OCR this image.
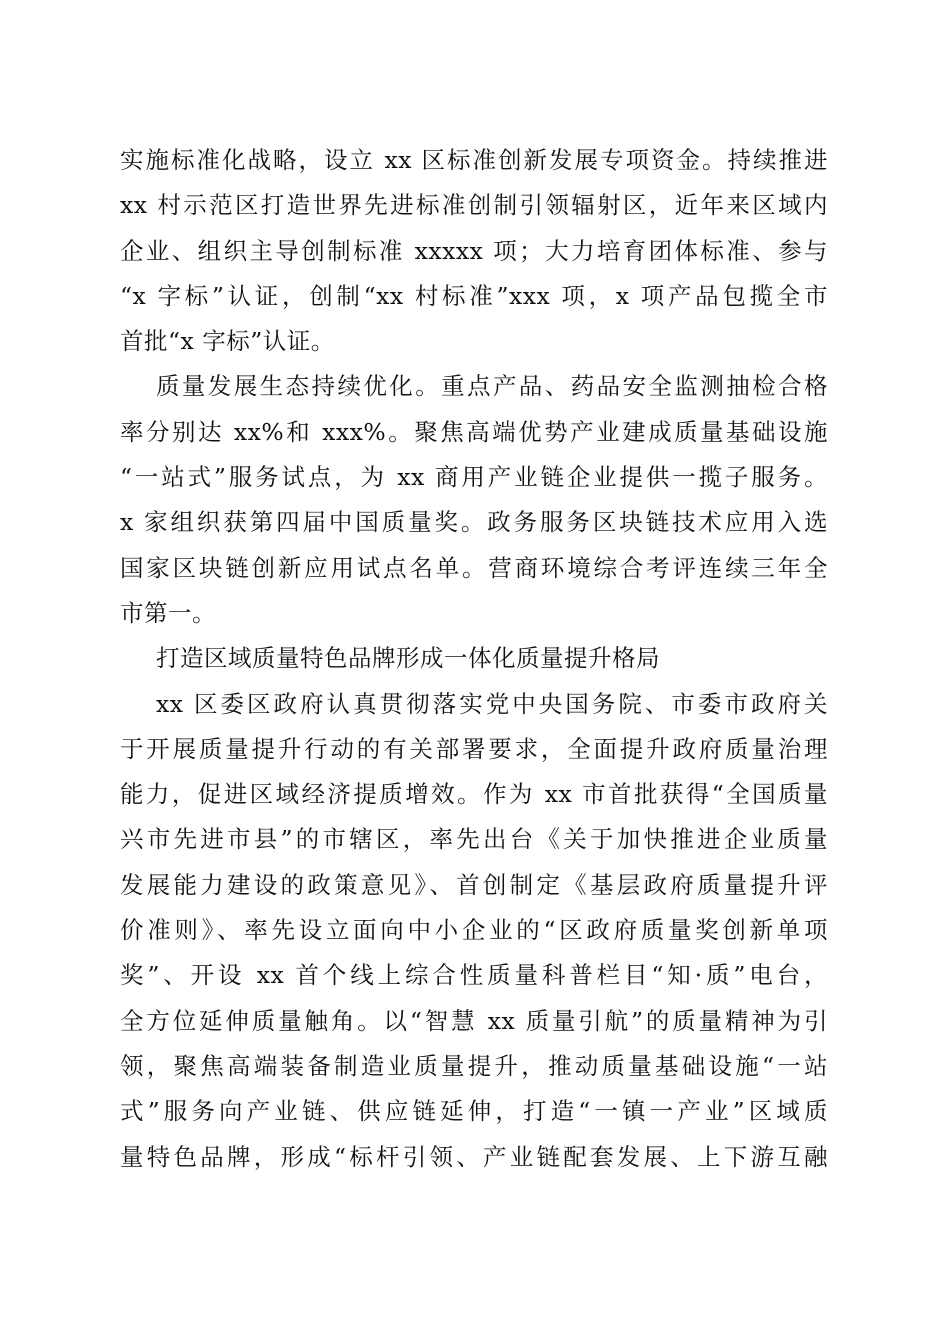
实施标准化战略，设立 xx 区标准创新发展专项资金。持续推进
xx 村示范区打造世界先进标准创制引领辐射区，近年来区域内
企业、组织主导创制标准 xxxxx 项；大力培育团体标准、参与
“x 字标”认证，创制“xx 村标准”xxx 项，x 项产品包揽全市
首批“x 字标”认证。
质量发展生态持续优化。重点产品、药品安全监测抽检合格
率分别达 xx%和 xxx%。聚焦高端优势产业建成质量基础设施
“一站式”服务试点，为 xx 商用产业链企业提供一揽子服务。
x 家组织获第四届中国质量奖。政务服务区块链技术应用入选
国家区块链创新应用试点名单。营商环境综合考评连续三年全
市第一。
打造区域质量特色品牌形成一体化质量提升格局
xx 区委区政府认真贯彻落实党中央国务院、市委市政府关
于开展质量提升行动的有关部署要求，全面提升政府质量治理
能力，促进区域经济提质增效。作为 xx 市首批获得“全国质量
兴市先进市县”的市辖区，率先出台《关于加快推进企业质量
发展能力建设的政策意见》、首创制定《基层政府质量提升评
价准则》、率先设立面向中小企业的“区政府质量奖创新单项
奖”、开设 xx 首个线上综合性质量科普栏目“知·质”电台，
全方位延伸质量触角。以“智慧 xx 质量引航”的质量精神为引
领，聚焦高端装备制造业质量提升，推动质量基础设施“一站
式”服务向产业链、供应链延伸，打造“一镇一产业”区域质
量特色品牌，形成“标杆引领、产业链配套发展、上下游互融
